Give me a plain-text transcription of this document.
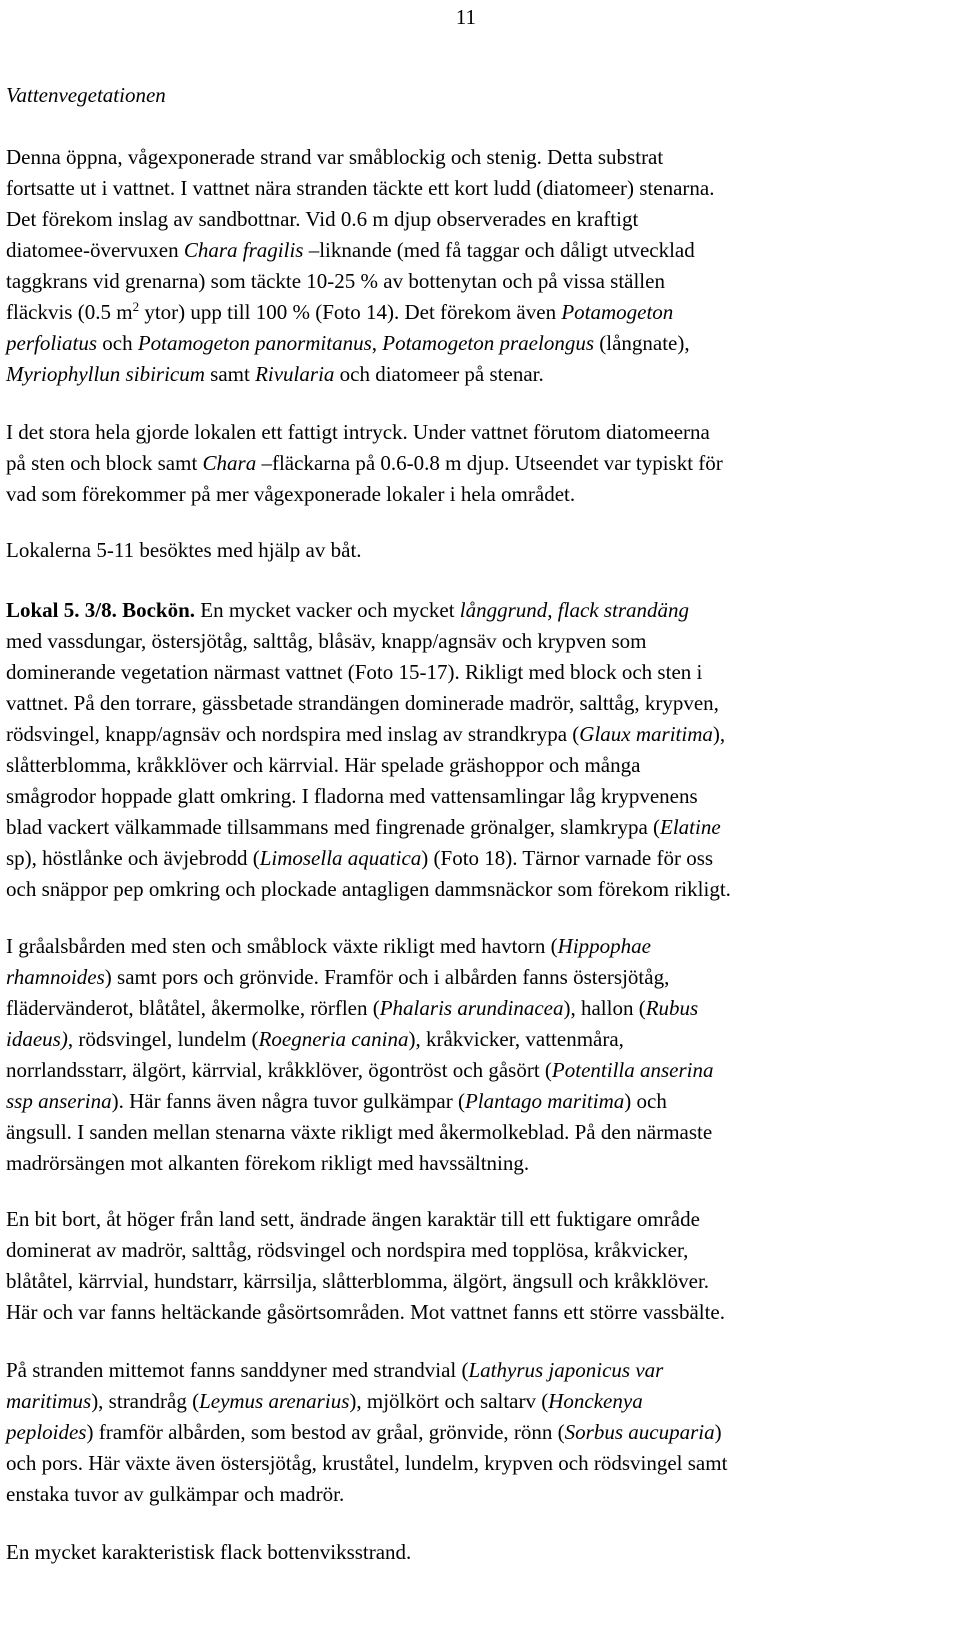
11
Vattenvegetationen
Denna öppna, vågexponerade strand var småblockig och stenig. Detta substrat
fortsatte ut i vattnet. I vattnet nära stranden täckte ett kort ludd (diatomeer) stenarna.
Det förekom inslag av sandbottnar. Vid 0.6 m djup observerades en kraftigt
diatomee-övervuxen Chara fragilis –liknande (med få taggar och dåligt utvecklad
taggkrans vid grenarna) som täckte 10-25 % av bottenytan och på vissa ställen
fläckvis (0.5 $m^2$ ytor) upp till 100 % (Foto 14). Det förekom även Potamogeton
perfoliatus och Potamogeton panormitanus, Potamogeton praelongus (långnate),
Myriophyllun sibiricum samt Rivularia och diatomeer på stenar.
I det stora hela gjorde lokalen ett fattigt intryck. Under vattnet förutom diatomeerna
på sten och block samt Chara –fläckarna på 0.6-0.8 m djup. Utseendet var typiskt för
vad som förekommer på mer vågexponerade lokaler i hela området.
Lokalerna 5-11 besöktes med hjälp av båt.
Lokal 5. 3/8. Bockön. En mycket vacker och mycket långgrund, flack strandäng
med vassdungar, östersjötåg, salttåg, blåsäv, knapp/agnsäv och krypven som
dominerande vegetation närmast vattnet (Foto 15-17). Rikligt med block och sten i
vattnet. På den torrare, gässbetade strandängen dominerade madrör, salttåg, krypven,
rödsvingel, knapp/agnsäv och nordspira med inslag av strandkrypa (Glaux maritima),
slåtterblomma, kråkklöver och kärrvial. Här spelade gräshoppor och många
smågrodor hoppade glatt omkring. I fladorna med vattensamlingar låg krypvenens
blad vackert välkammade tillsammans med fingrenade grönalger, slamkrypa (Elatine
sp), höstlånke och ävjebrodd (Limosella aquatica) (Foto 18). Tärnor varnade för oss
och snäppor pep omkring och plockade antagligen dammsnäckor som förekom rikligt.
I gråalsbården med sten och småblock växte rikligt med havtorn (Hippophae
rhamnoides) samt pors och grönvide. Framför och i albården fanns östersjötåg,
flädervänderot, blåtåtel, åkermolke, rörflen (Phalaris arundinacea), hallon (Rubus
idaeus), rödsvingel, lundelm (Roegneria canina), kråkvicker, vattenmåra,
norrlandsstarr, älgört, kärrvial, kråkklöver, ögontröst och gåsört (Potentilla anserina
ssp anserina). Här fanns även några tuvor gulkämpar (Plantago maritima) och
ängsull. I sanden mellan stenarna växte rikligt med åkermolkeblad. På den närmaste
madrörsängen mot alkanten förekom rikligt med havssältning.
En bit bort, åt höger från land sett, ändrade ängen karaktär till ett fuktigare område
dominerat av madrör, salttåg, rödsvingel och nordspira med topplösa, kråkvicker,
blåtåtel, kärrvial, hundstarr, kärrsilja, slåtterblomma, älgört, ängsull och kråkklöver.
Här och var fanns heltäckande gåsörtsområden. Mot vattnet fanns ett större vassbälte.
På stranden mittemot fanns sanddyner med strandvial (Lathyrus japonicus var
maritimus), strandråg (Leymus arenarius), mjölkört och saltarv (Honckenya
peploides) framför albården, som bestod av gråal, grönvide, rönn (Sorbus aucuparia)
och pors. Här växte även östersjötåg, kruståtel, lundelm, krypven och rödsvingel samt
enstaka tuvor av gulkämpar och madrör.
En mycket karakteristisk flack bottenviksstrand.
